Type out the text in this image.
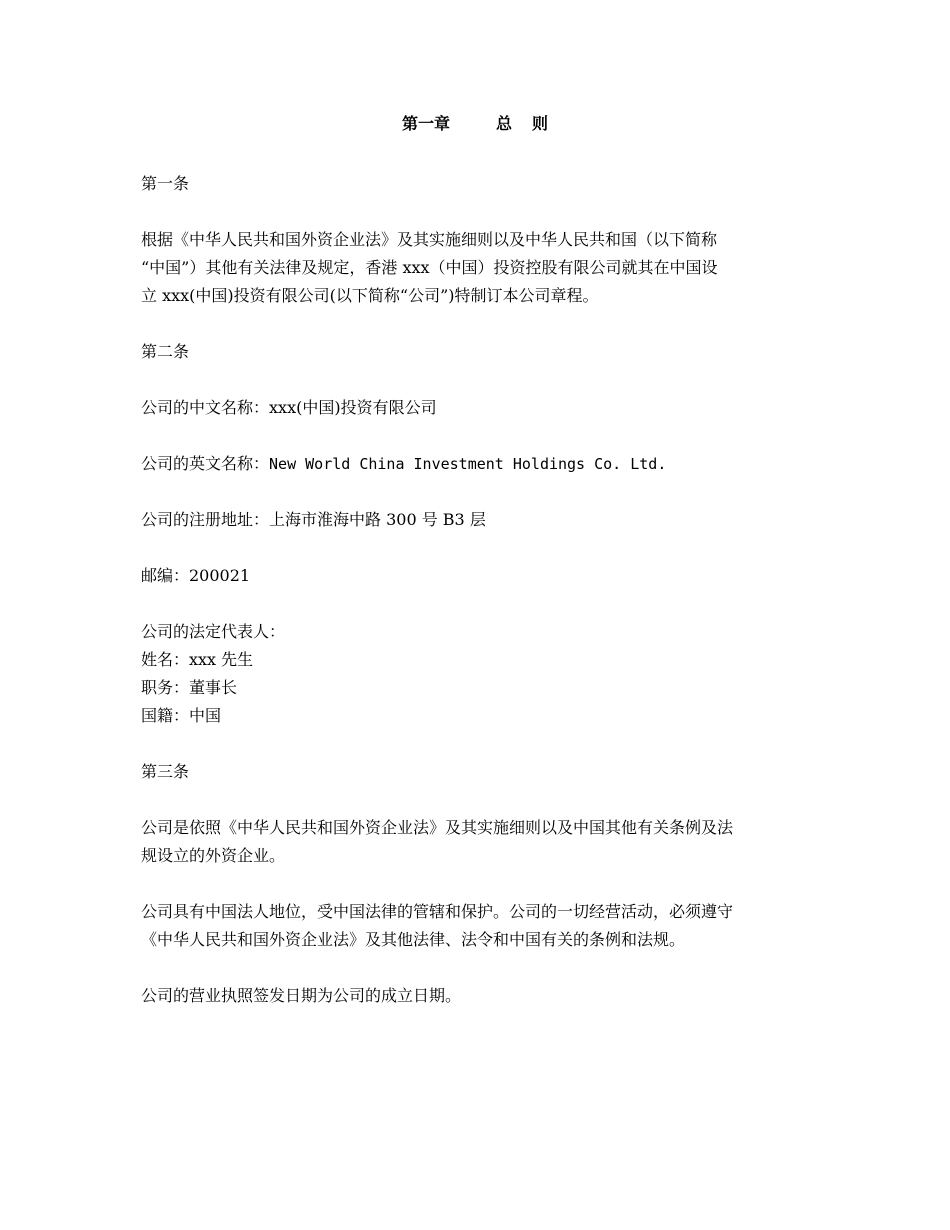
第一章	总 则
第一条
根据《中华人民共和国外资企业法》及其实施细则以及中华人民共和国（以下简称
“中国”）其他有关法律及规定，香港 xxx（中国）投资控股有限公司就其在中国设
立 xxx(中国)投资有限公司(以下简称“公司”)特制订本公司章程。
第二条
公司的中文名称：xxx(中国)投资有限公司
公司的英文名称：New World China Investment Holdings Co. Ltd.
公司的注册地址：上海市淮海中路 300 号 B3 层
邮编：200021
公司的法定代表人：
姓名：xxx 先生
职务：董事长
国籍：中国
第三条
公司是依照《中华人民共和国外资企业法》及其实施细则以及中国其他有关条例及法
规设立的外资企业。
公司具有中国法人地位，受中国法律的管辖和保护。公司的一切经营活动，必须遵守
《中华人民共和国外资企业法》及其他法律、法令和中国有关的条例和法规。
公司的营业执照签发日期为公司的成立日期。
